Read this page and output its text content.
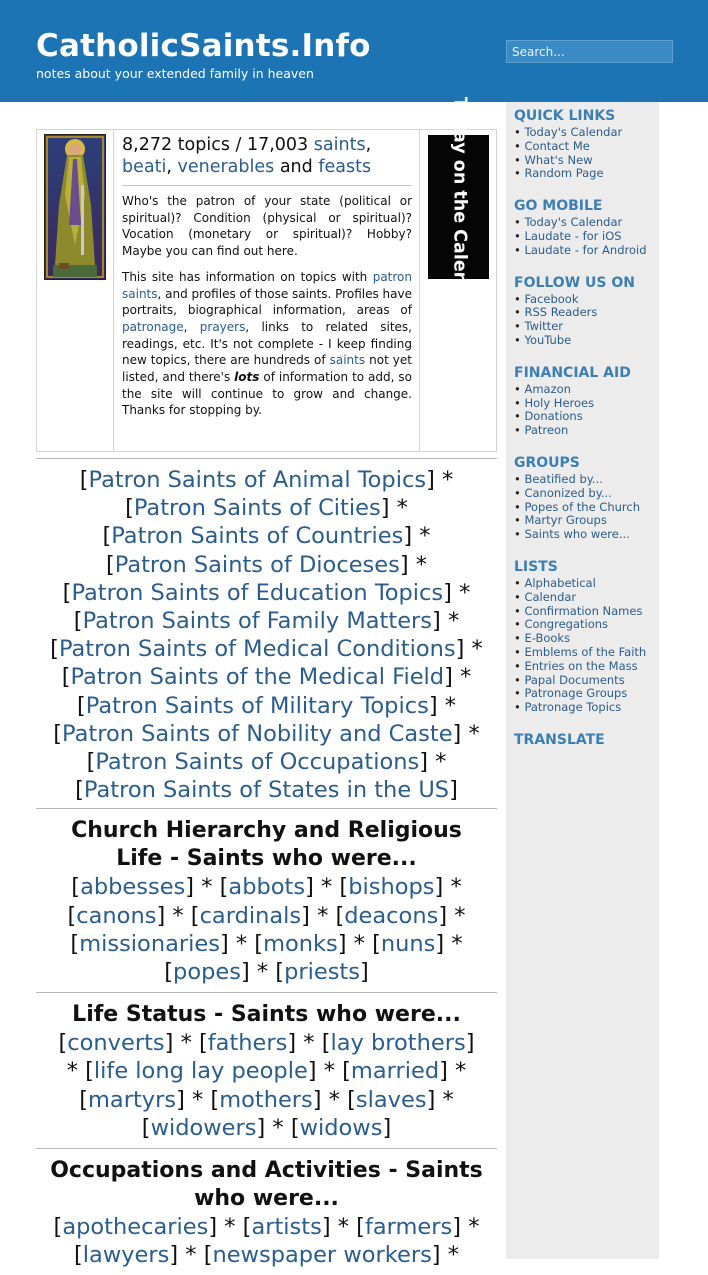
CatholicSaints.Info
notes about your extended family in heaven
Search...
8,272 topics / 17,003 saints, beati, venerables and feasts

Who's the patron of your state (political or spiritual)? Condition (physical or spiritual)? Vocation (monetary or spiritual)? Hobby? Maybe you can find out here.

This site has information on topics with patron saints, and profiles of those saints. Profiles have portraits, biographical information, areas of patronage, prayers, links to related sites, readings, etc. It's not complete - I keep finding new topics, there are hundreds of saints not yet listed, and there's lots of information to add, so the site will continue to grow and change. Thanks for stopping by.

Today on the Calendar
[Patron Saints of Animal Topics] *
[Patron Saints of Cities] *
[Patron Saints of Countries] *
[Patron Saints of Dioceses] *
[Patron Saints of Education Topics] *
[Patron Saints of Family Matters] *
[Patron Saints of Medical Conditions] *
[Patron Saints of the Medical Field] *
[Patron Saints of Military Topics] *
[Patron Saints of Nobility and Caste] *
[Patron Saints of Occupations] *
[Patron Saints of States in the US]
Church Hierarchy and Religious
Life - Saints who were...
[abbesses] * [abbots] * [bishops] *
[canons] * [cardinals] * [deacons] *
[missionaries] * [monks] * [nuns] *
[popes] * [priests]
Life Status - Saints who were...
[converts] * [fathers] * [lay brothers]
* [life long lay people] * [married] *
[martyrs] * [mothers] * [slaves] *
[widowers] * [widows]
Occupations and Activities - Saints
who were...
[apothecaries] * [artists] * [farmers] *
[lawyers] * [newspaper workers] *
QUICK LINKS
• Today's Calendar
• Contact Me
• What's New
• Random Page
GO MOBILE
• Today's Calendar
• Laudate - for iOS
• Laudate - for Android
FOLLOW US ON
• Facebook
• RSS Readers
• Twitter
• YouTube
FINANCIAL AID
• Amazon
• Holy Heroes
• Donations
• Patreon
GROUPS
• Beatified by...
• Canonized by...
• Popes of the Church
• Martyr Groups
• Saints who were...
LISTS
• Alphabetical
• Calendar
• Confirmation Names
• Congregations
• E-Books
• Emblems of the Faith
• Entries on the Mass
• Papal Documents
• Patronage Groups
• Patronage Topics
TRANSLATE
